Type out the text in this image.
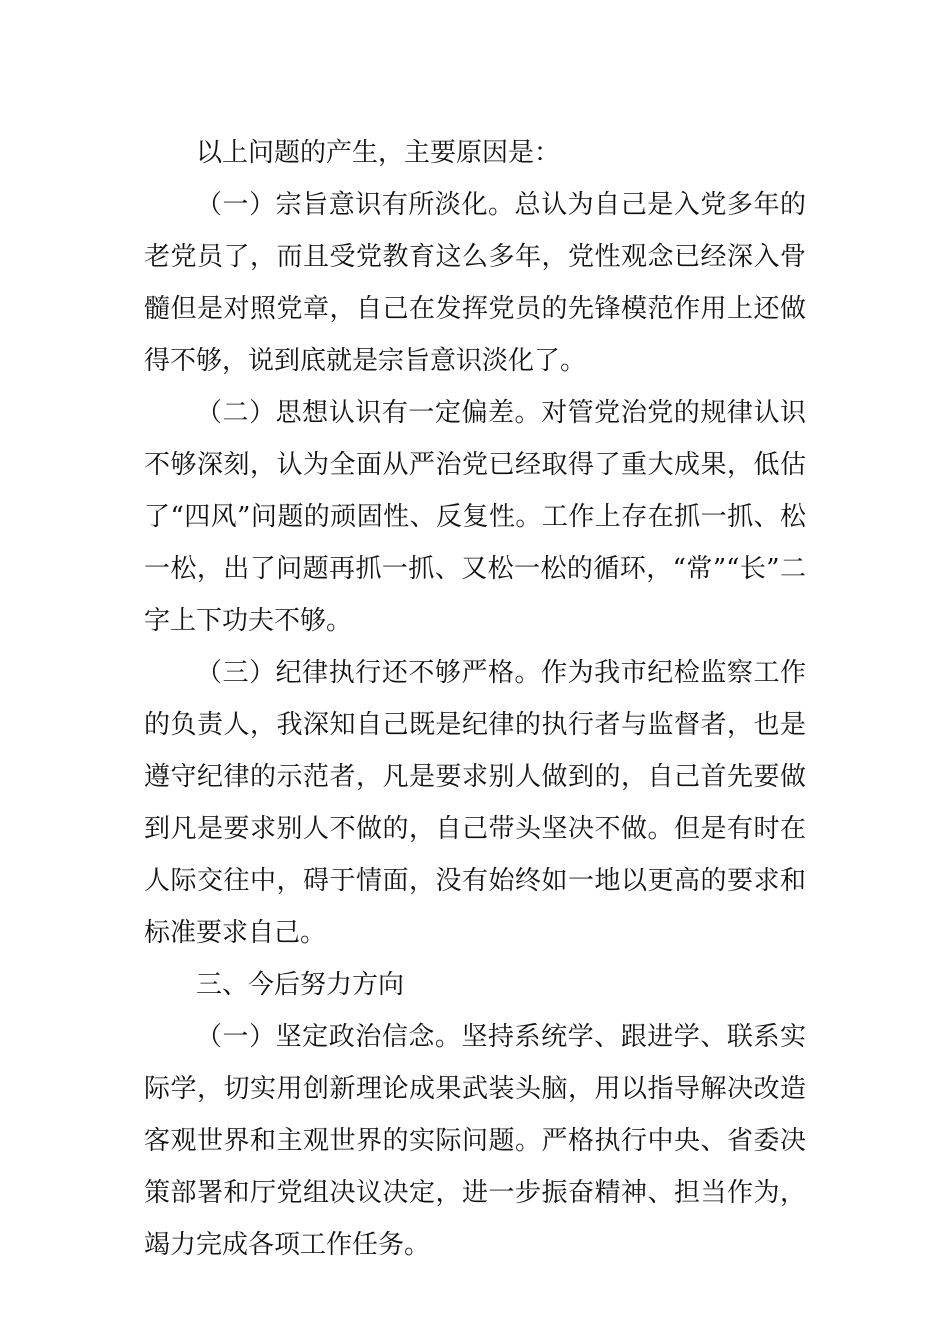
以上问题的产生，主要原因是：

（一）宗旨意识有所淡化。总认为自己是入党多年的老党员了，而且受党教育这么多年，党性观念已经深入骨髓但是对照党章，自己在发挥党员的先锋模范作用上还做得不够，说到底就是宗旨意识淡化了。

（二）思想认识有一定偏差。对管党治党的规律认识不够深刻，认为全面从严治党已经取得了重大成果，低估了“四风”问题的顽固性、反复性。工作上存在抓一抓、松一松，出了问题再抓一抓、又松一松的循环，“常”“长”二字上下功夫不够。

（三）纪律执行还不够严格。作为我市纪检监察工作的负责人，我深知自己既是纪律的执行者与监督者，也是遵守纪律的示范者，凡是要求别人做到的，自己首先要做到凡是要求别人不做的，自己带头坚决不做。但是有时在人际交往中，碍于情面，没有始终如一地以更高的要求和标准要求自己。

三、今后努力方向

（一）坚定政治信念。坚持系统学、跟进学、联系实际学，切实用创新理论成果武装头脑，用以指导解决改造客观世界和主观世界的实际问题。严格执行中央、省委决策部署和厅党组决议决定，进一步振奋精神、担当作为，竭力完成各项工作任务。
